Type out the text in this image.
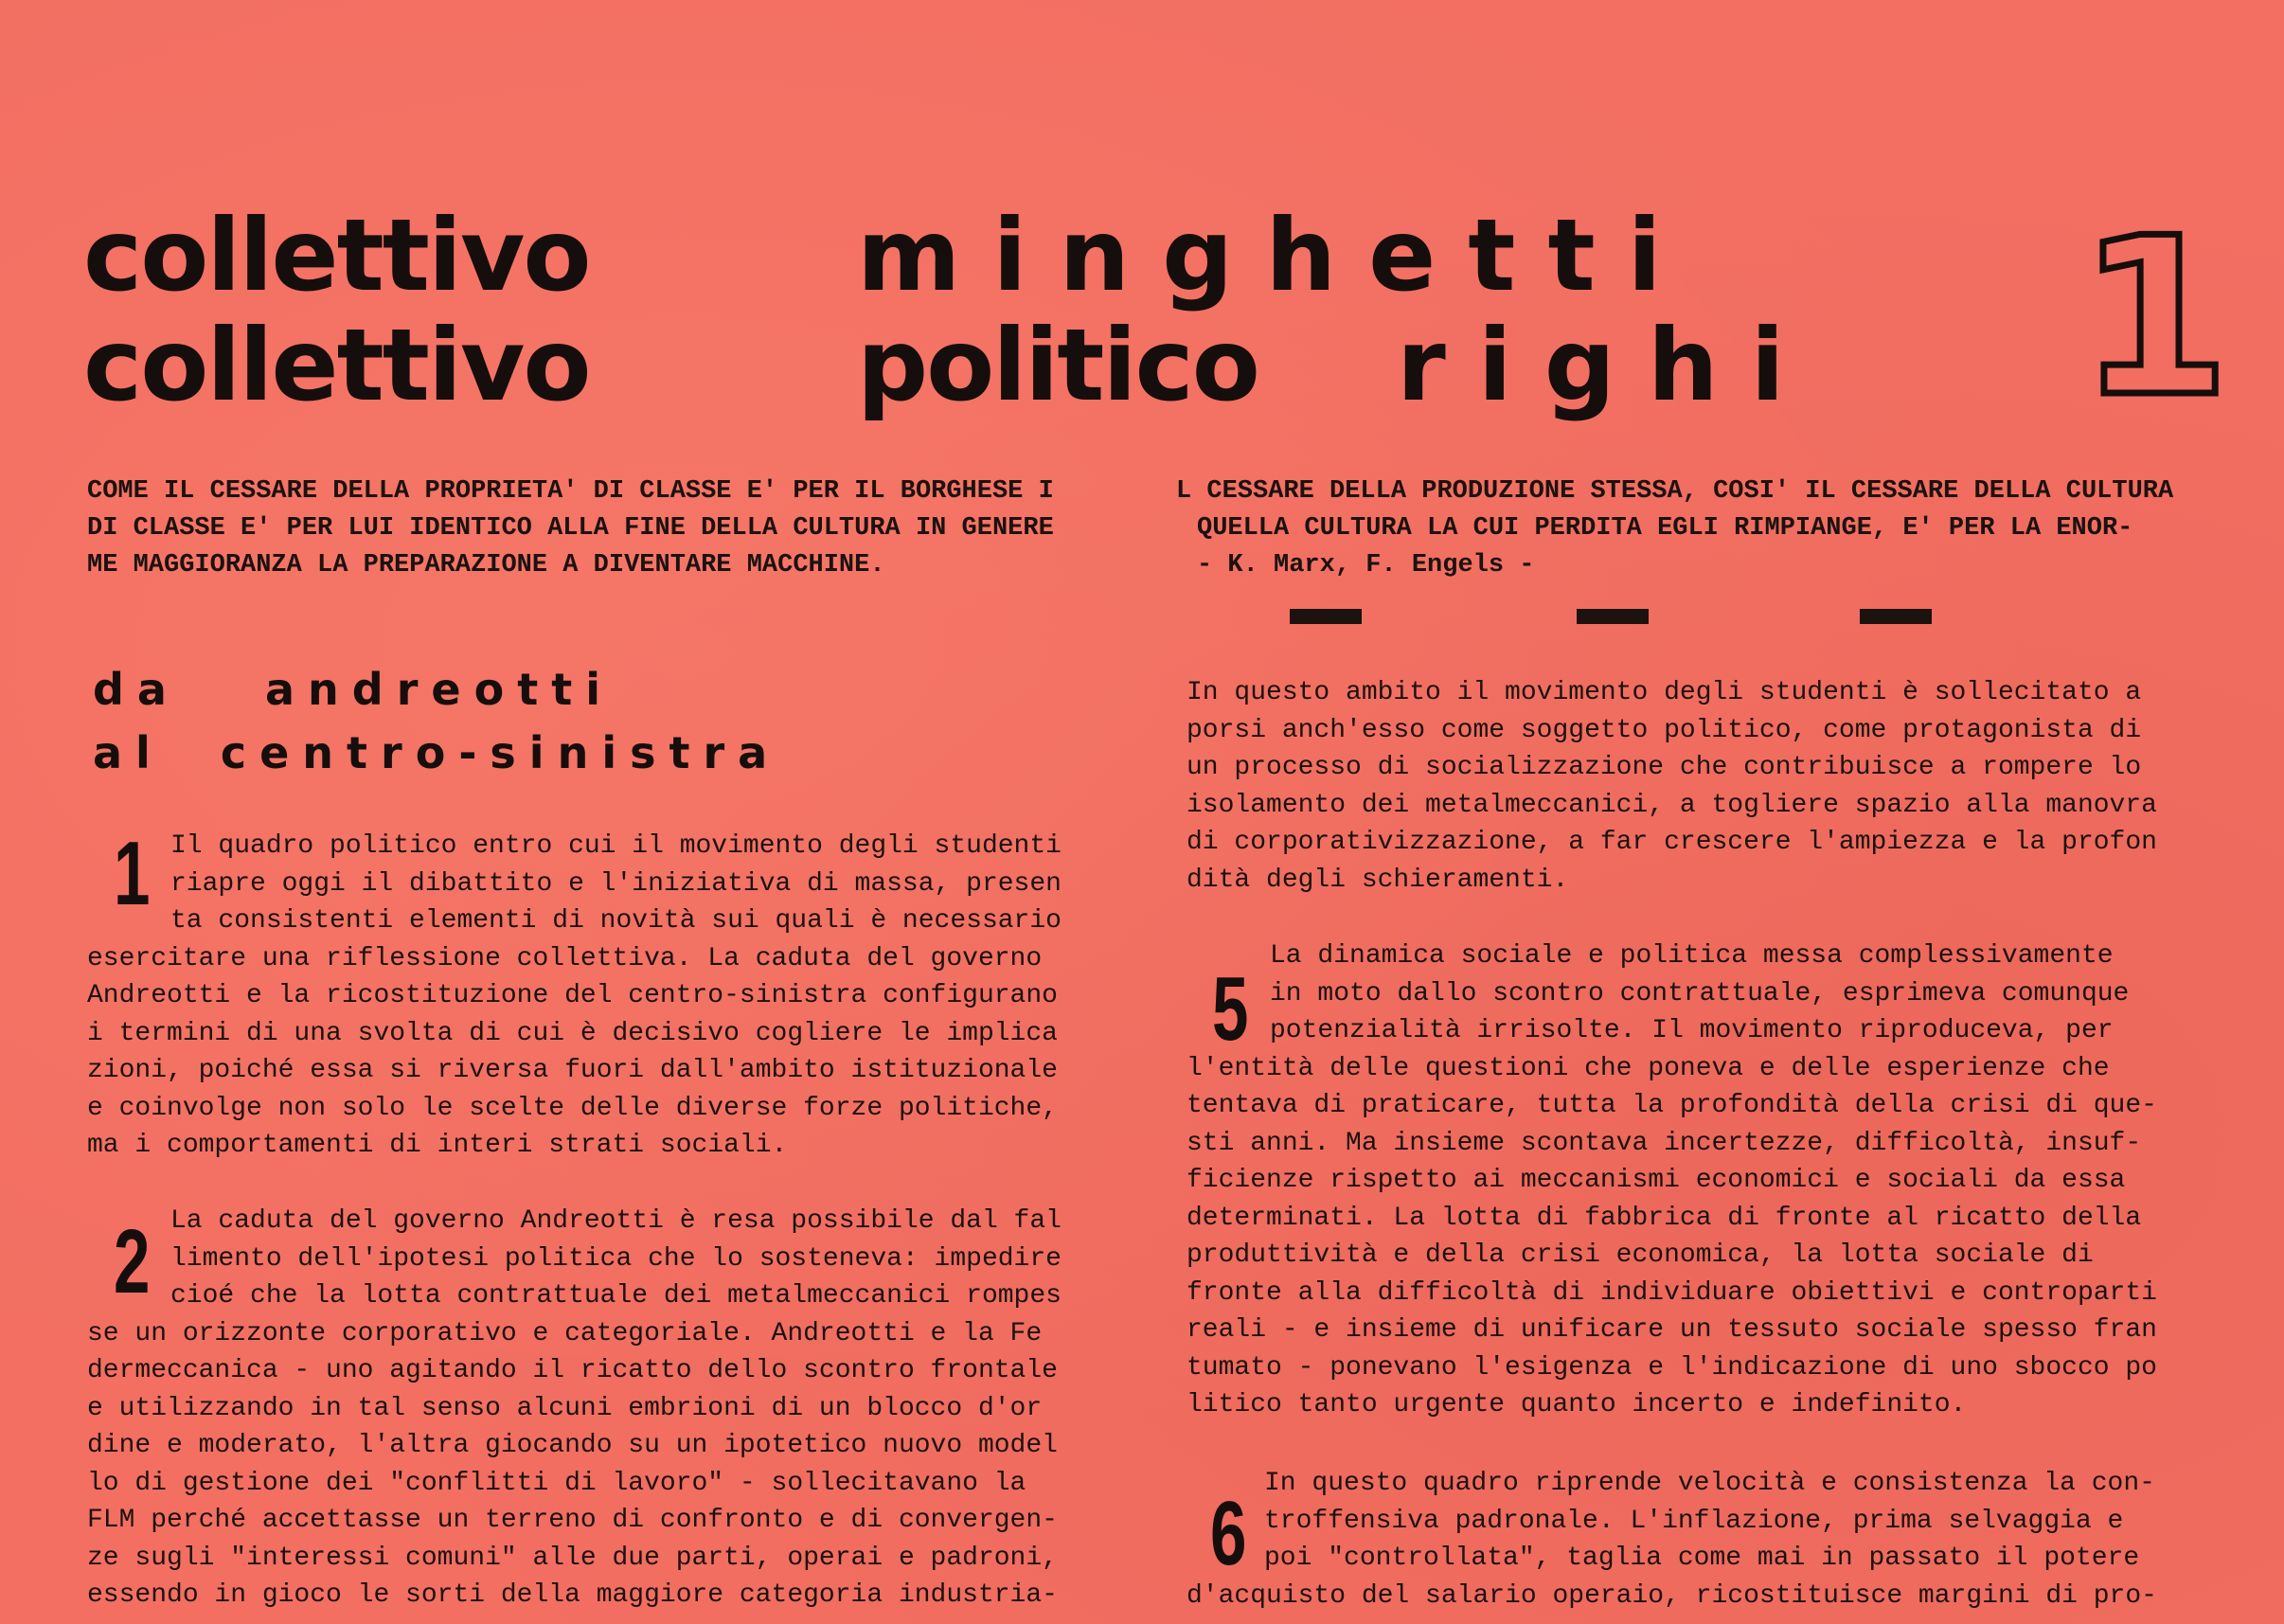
collettivo	minghetti
collettivo	politico righi 1
COME IL CESSARE DELLA PROPRIETA' DI CLASSE E' PER IL BORGHESE I
DI CLASSE E' PER LUI IDENTICO ALLA FINE DELLA CULTURA IN GENERE
ME MAGGIORANZA LA PREPARAZIONE A DIVENTARE MACCHINE.
L CESSARE DELLA PRODUZIONE STESSA, COSI' IL CESSARE DELLA CULTURA
QUELLA CULTURA LA CUI PERDITA EGLI RIMPIANGE, E' PER LA ENOR-
- K. Marx, F. Engels -
da   andreotti
al  centro-sinistra
1 Il quadro politico entro cui il movimento degli studenti
riapre oggi il dibattito e l'iniziativa di massa, presen
ta consistenti elementi di novità sui quali è necessario
esercitare una riflessione collettiva. La caduta del governo
Andreotti e la ricostituzione del centro-sinistra configurano
i termini di una svolta di cui è decisivo cogliere le implica
zioni, poiché essa si riversa fuori dall'ambito istituzionale
e coinvolge non solo le scelte delle diverse forze politiche,
ma i comportamenti di interi strati sociali.
2 La caduta del governo Andreotti è resa possibile dal fal
limento dell'ipotesi politica che lo sosteneva: impedire
cioé che la lotta contrattuale dei metalmeccanici rompes
se un orizzonte corporativo e categoriale. Andreotti e la Fe
dermeccanica - uno agitando il ricatto dello scontro frontale
e utilizzando in tal senso alcuni embrioni di un blocco d'or
dine e moderato, l'altra giocando su un ipotetico nuovo model
lo di gestione dei "conflitti di lavoro" - sollecitavano la
FLM perché accettasse un terreno di confronto e di convergen-
ze sugli "interessi comuni" alle due parti, operai e padroni,
essendo in gioco le sorti della maggiore categoria industria-
In questo ambito il movimento degli studenti è sollecitato a
porsi anch'esso come soggetto politico, come protagonista di
un processo di socializzazione che contribuisce a rompere lo
isolamento dei metalmeccanici, a togliere spazio alla manovra
di corporativizzazione, a far crescere l'ampiezza e la profon
dità degli schieramenti.
5
La dinamica sociale e politica messa complessivamente
in moto dallo scontro contrattuale, esprimeva comunque
potenzialità irrisolte. Il movimento riproduceva, per
l'entità delle questioni che poneva e delle esperienze che
tentava di praticare, tutta la profondità della crisi di que-
sti anni. Ma insieme scontava incertezze, difficoltà, insuf-
ficienze rispetto ai meccanismi economici e sociali da essa
determinati. La lotta di fabbrica di fronte al ricatto della
produttività e della crisi economica, la lotta sociale di
fronte alla difficoltà di individuare obiettivi e controparti
reali - e insieme di unificare un tessuto sociale spesso fran
tumato - ponevano l'esigenza e l'indicazione di uno sbocco po
litico tanto urgente quanto incerto e indefinito.
6 In questo quadro riprende velocità e consistenza la con-
troffensiva padronale. L'inflazione, prima selvaggia e
poi "controllata", taglia come mai in passato il potere
d'acquisto del salario operaio, ricostituisce margini di pro-
